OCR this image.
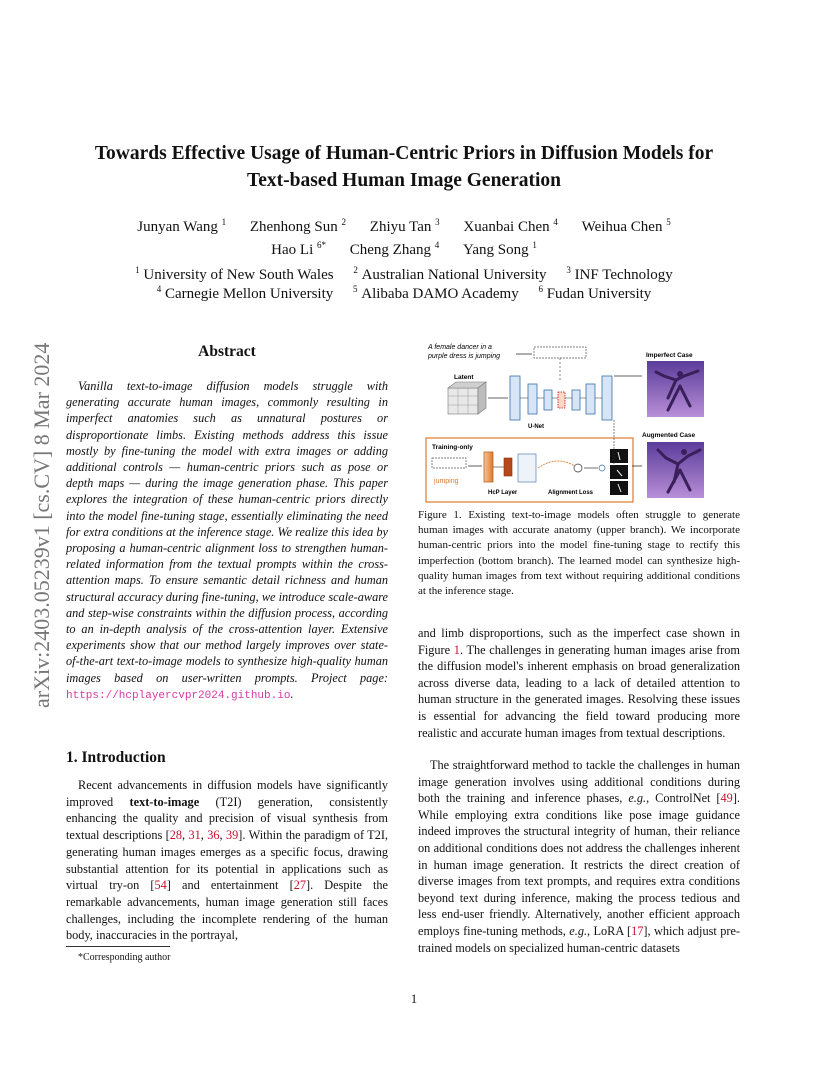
arXiv:2403.05239v1 [cs.CV] 8 Mar 2024
Towards Effective Usage of Human-Centric Priors in Diffusion Models for
Text-based Human Image Generation
Junyan Wang $^1$ Zhenhong Sun $^2$ Zhiyu Tan $^3$ Xuanbai Chen $^4$ Weihua Chen $^5$
Hao Li $^{6*}$ Cheng Zhang $^4$ Yang Song $^1$
$^1$ University of New South Wales $^2$ Australian National University $^3$ INF Technology
$^4$ Carnegie Mellon University $^5$ Alibaba DAMO Academy $^6$ Fudan University
Abstract
Vanilla text-to-image diffusion models struggle with generating accurate human images, commonly resulting in imperfect anatomies such as unnatural postures or disproportionate limbs. Existing methods address this issue mostly by fine-tuning the model with extra images or adding additional controls — human-centric priors such as pose or depth maps — during the image generation phase. This paper explores the integration of these human-centric priors directly into the model fine-tuning stage, essentially eliminating the need for extra conditions at the inference stage. We realize this idea by proposing a human-centric alignment loss to strengthen human-related information from the textual prompts within the cross-attention maps. To ensure semantic detail richness and human structural accuracy during fine-tuning, we introduce scale-aware and step-wise constraints within the diffusion process, according to an in-depth analysis of the cross-attention layer. Extensive experiments show that our method largely improves over state-of-the-art text-to-image models to synthesize high-quality human images based on user-written prompts. Project page: https://hcplayercvpr2024.github.io.
1. Introduction
Recent advancements in diffusion models have significantly improved text-to-image (T2I) generation, consistently enhancing the quality and precision of visual synthesis from textual descriptions [28, 31, 36, 39]. Within the paradigm of T2I, generating human images emerges as a specific focus, drawing substantial attention for its potential in applications such as virtual try-on [54] and entertainment [27]. Despite the remarkable advancements, human image generation still faces challenges, including the incomplete rendering of the human body, inaccuracies in the portrayal,
*Corresponding author
1
A female dancer in a
purple dress is jumping
Latent
U-Net
Imperfect Case
Augmented Case
Training-only
jumping
HcP Layer	Alignment Loss
Figure 1. Existing text-to-image models often struggle to generate human images with accurate anatomy (upper branch). We incorporate human-centric priors into the model fine-tuning stage to rectify this imperfection (bottom branch). The learned model can synthesize high-quality human images from text without requiring additional conditions at the inference stage.
and limb disproportions, such as the imperfect case shown in Figure 1. The challenges in generating human images arise from the diffusion model's inherent emphasis on broad generalization across diverse data, leading to a lack of detailed attention to human structure in the generated images. Resolving these issues is essential for advancing the field toward producing more realistic and accurate human images from textual descriptions.
The straightforward method to tackle the challenges in human image generation involves using additional conditions during both the training and inference phases, e.g., ControlNet [49]. While employing extra conditions like pose image guidance indeed improves the structural integrity of human, their reliance on additional conditions does not address the challenges inherent in human image generation. It restricts the direct creation of diverse images from text prompts, and requires extra conditions beyond text during inference, making the process tedious and less end-user friendly. Alternatively, another efficient approach employs fine-tuning methods, e.g., LoRA [17], which adjust pre-trained models on specialized human-centric datasets
